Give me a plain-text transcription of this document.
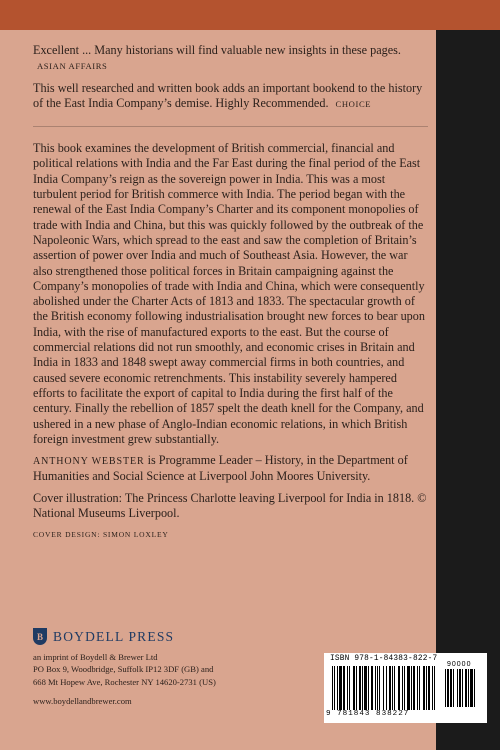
Excellent ... Many historians will find valuable new insights in these pages. ASIAN AFFAIRS

This well researched and written book adds an important bookend to the history of the East India Company’s demise. Highly Recommended. CHOICE

This book examines the development of British commercial, financial and political relations with India and the Far East during the final period of the East India Company’s reign as the sovereign power in India. This was a most turbulent period for British commerce with India. The period began with the renewal of the East India Company’s Charter and its component monopolies of trade with India and China, but this was quickly followed by the outbreak of the Napoleonic Wars, which spread to the east and saw the completion of Britain’s assertion of power over India and much of Southeast Asia. However, the war also strengthened those political forces in Britain campaigning against the Company’s monopolies of trade with India and China, which were consequently abolished under the Charter Acts of 1813 and 1833. The spectacular growth of the British economy following industrialisation brought new forces to bear upon India, with the rise of manufactured exports to the east. But the course of commercial relations did not run smoothly, and economic crises in Britain and India in 1833 and 1848 swept away commercial firms in both countries, and caused severe economic retrenchments. This instability severely hampered efforts to facilitate the export of capital to India during the first half of the century. Finally the rebellion of 1857 spelt the death knell for the Company, and ushered in a new phase of Anglo-Indian economic relations, in which British foreign investment grew substantially.

ANTHONY WEBSTER is Programme Leader – History, in the Department of Humanities and Social Science at Liverpool John Moores University.

Cover illustration: The Princess Charlotte leaving Liverpool for India in 1818. © National Museums Liverpool.

COVER DESIGN: SIMON LOXLEY
B BOYDELL PRESS
an imprint of Boydell & Brewer Ltd
PO Box 9, Woodbridge, Suffolk IP12 3DF (GB) and
668 Mt Hopew Ave, Rochester NY 14620-2731 (US)
www.boydellandbrewer.com
ISBN 978-1-84383-822-7
90000
9 781843 838227
